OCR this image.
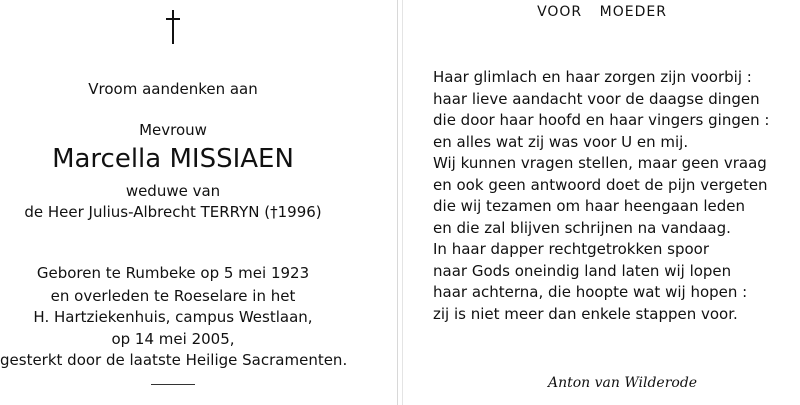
Vroom aandenken aan
Mevrouw
Marcella MISSIAEN
weduwe van
de Heer Julius-Albrecht TERRYN (†1996)
Geboren te Rumbeke op 5 mei 1923
en overleden te Roeselare in het
H. Hartziekenhuis, campus Westlaan,
op 14 mei 2005,
gesterkt door de laatste Heilige Sacramenten.
VOOR MOEDER
Haar glimlach en haar zorgen zijn voorbij :
haar lieve aandacht voor de daagse dingen
die door haar hoofd en haar vingers gingen :
en alles wat zij was voor U en mij.
Wij kunnen vragen stellen, maar geen vraag
en ook geen antwoord doet de pijn vergeten
die wij tezamen om haar heengaan leden
en die zal blijven schrijnen na vandaag.
In haar dapper rechtgetrokken spoor
naar Gods oneindig land laten wij lopen
haar achterna, die hoopte wat wij hopen :
zij is niet meer dan enkele stappen voor.
Anton van Wilderode
